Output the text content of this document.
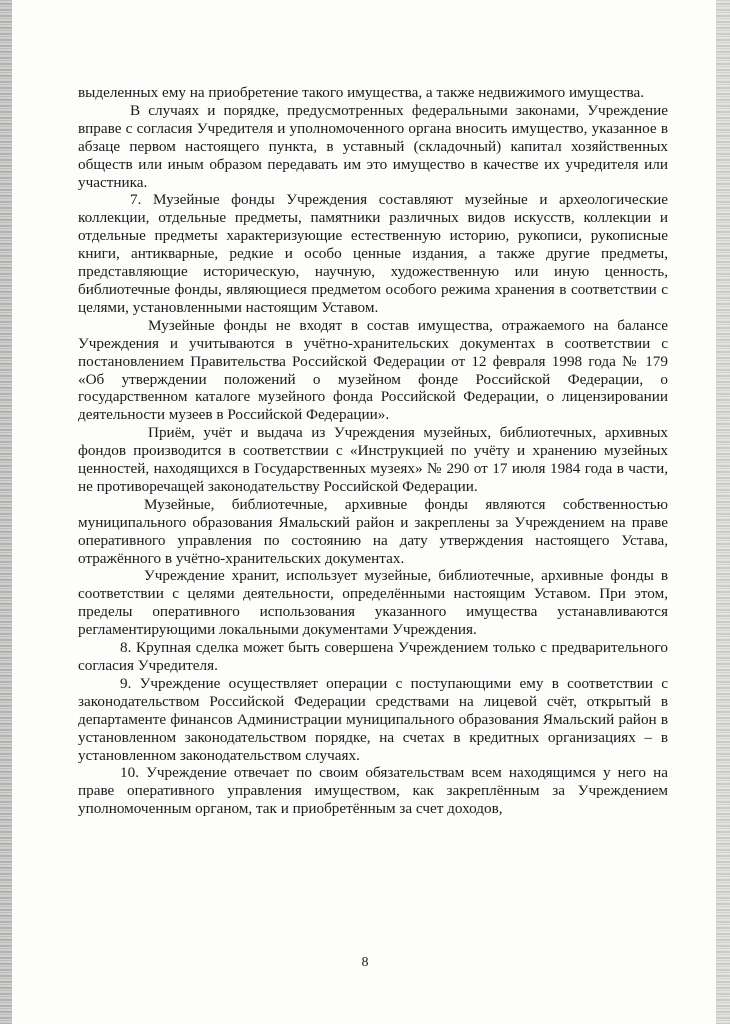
выделенных ему на приобретение такого имущества, а также недвижимого имущества.

В случаях и порядке, предусмотренных федеральными законами, Учреждение вправе с согласия Учредителя и уполномоченного органа вносить имущество, указанное в абзаце первом настоящего пункта, в уставный (складочный) капитал хозяйственных обществ или иным образом передавать им это имущество в качестве их учредителя или участника.

7. Музейные фонды Учреждения составляют музейные и археологические коллекции, отдельные предметы, памятники различных видов искусств, коллекции и отдельные предметы характеризующие естественную историю, рукописи, рукописные книги, антикварные, редкие и особо ценные издания, а также другие предметы, представляющие историческую, научную, художественную или иную ценность, библиотечные фонды, являющиеся предметом особого режима хранения в соответствии с целями, установленными настоящим Уставом.

Музейные фонды не входят в состав имущества, отражаемого на балансе Учреждения и учитываются в учётно-хранительских документах в соответствии с постановлением Правительства Российской Федерации от 12 февраля 1998 года № 179 «Об утверждении положений о музейном фонде Российской Федерации, о государственном каталоге музейного фонда Российской Федерации, о лицензировании деятельности музеев в Российской Федерации».

Приём, учёт и выдача из Учреждения музейных, библиотечных, архивных фондов производится в соответствии с «Инструкцией по учёту и хранению музейных ценностей, находящихся в Государственных музеях» № 290 от 17 июля 1984 года в части, не противоречащей законодательству Российской Федерации.

Музейные, библиотечные, архивные фонды являются собственностью муниципального образования Ямальский район и закреплены за Учреждением на праве оперативного управления по состоянию на дату утверждения настоящего Устава, отражённого в учётно-хранительских документах.

Учреждение хранит, использует музейные, библиотечные, архивные фонды в соответствии с целями деятельности, определёнными настоящим Уставом. При этом, пределы оперативного использования указанного имущества устанавливаются регламентирующими локальными документами Учреждения.

8. Крупная сделка может быть совершена Учреждением только с предварительного согласия Учредителя.

9. Учреждение осуществляет операции с поступающими ему в соответствии с законодательством Российской Федерации средствами на лицевой счёт, открытый в департаменте финансов Администрации муниципального образования Ямальский район в установленном законодательством порядке, на счетах в кредитных организациях – в установленном законодательством случаях.

10. Учреждение отвечает по своим обязательствам всем находящимся у него на праве оперативного управления имуществом, как закреплённым за Учреждением уполномоченным органом, так и приобретённым за счет доходов,

8
